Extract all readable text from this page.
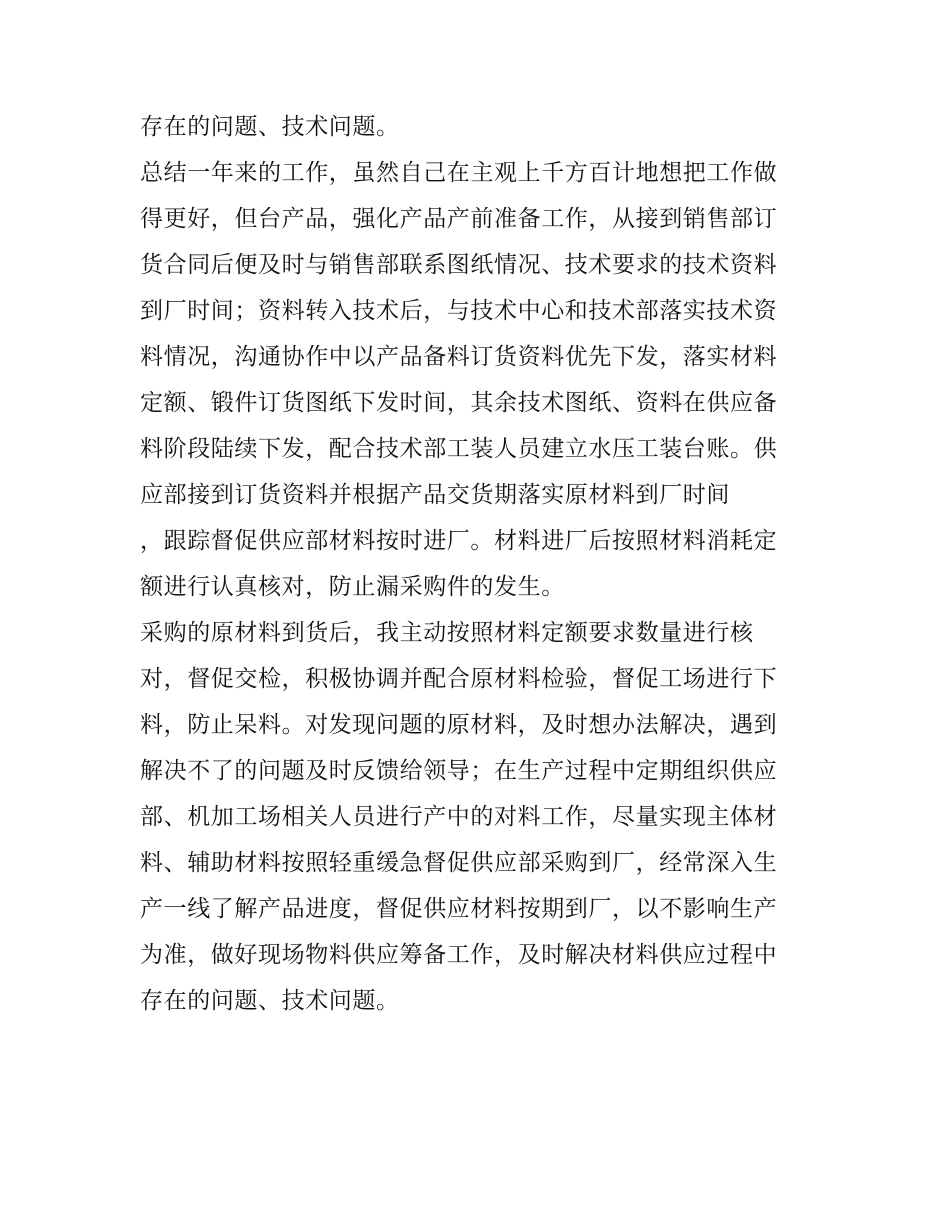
存在的问题、技术问题。
总结一年来的工作，虽然自己在主观上千方百计地想把工作做
得更好，但台产品，强化产品产前准备工作，从接到销售部订
货合同后便及时与销售部联系图纸情况、技术要求的技术资料
到厂时间；资料转入技术后，与技术中心和技术部落实技术资
料情况，沟通协作中以产品备料订货资料优先下发，落实材料
定额、锻件订货图纸下发时间，其余技术图纸、资料在供应备
料阶段陆续下发，配合技术部工装人员建立水压工装台账。供
应部接到订货资料并根据产品交货期落实原材料到厂时间
，跟踪督促供应部材料按时进厂。材料进厂后按照材料消耗定
额进行认真核对，防止漏采购件的发生。
采购的原材料到货后，我主动按照材料定额要求数量进行核
对，督促交检，积极协调并配合原材料检验，督促工场进行下
料，防止呆料。对发现问题的原材料，及时想办法解决，遇到
解决不了的问题及时反馈给领导；在生产过程中定期组织供应
部、机加工场相关人员进行产中的对料工作，尽量实现主体材
料、辅助材料按照轻重缓急督促供应部采购到厂，经常深入生
产一线了解产品进度，督促供应材料按期到厂，以不影响生产
为准，做好现场物料供应筹备工作，及时解决材料供应过程中
存在的问题、技术问题。
